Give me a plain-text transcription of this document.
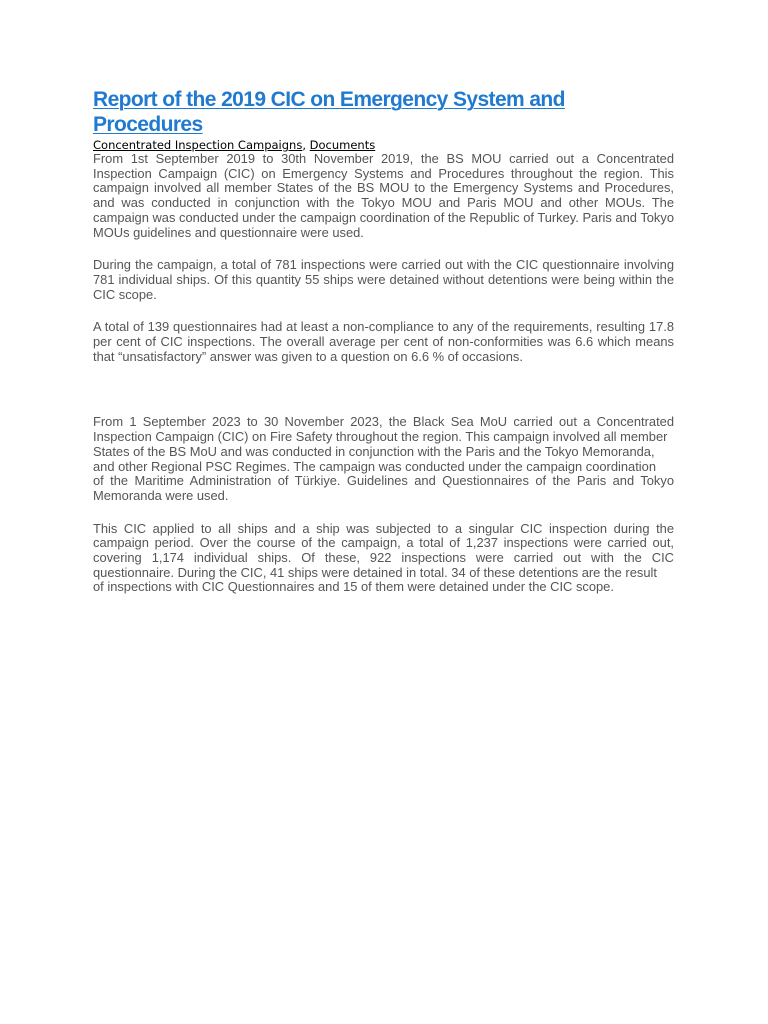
Report of the 2019 CIC on Emergency System and Procedures
Concentrated Inspection Campaigns, Documents

From 1st September 2019 to 30th November 2019, the BS MOU carried out a Concentrated Inspection Campaign (CIC) on Emergency Systems and Procedures throughout the region. This campaign involved all member States of the BS MOU to the Emergency Systems and Procedures, and was conducted in conjunction with the Tokyo MOU and Paris MOU and other MOUs. The campaign was conducted under the campaign coordination of the Republic of Turkey. Paris and Tokyo MOUs guidelines and questionnaire were used.

During the campaign, a total of 781 inspections were carried out with the CIC questionnaire involving 781 individual ships. Of this quantity 55 ships were detained without detentions were being within the CIC scope.

A total of 139 questionnaires had at least a non-compliance to any of the requirements, resulting 17.8 per cent of CIC inspections. The overall average per cent of non-conformities was 6.6 which means that “unsatisfactory” answer was given to a question on 6.6 % of occasions.

From 1 September 2023 to 30 November 2023, the Black Sea MoU carried out a Concentrated Inspection Campaign (CIC) on Fire Safety throughout the region. This campaign involved all member
States of the BS MoU and was conducted in conjunction with the Paris and the Tokyo Memoranda,
and other Regional PSC Regimes. The campaign was conducted under the campaign coordination
of the Maritime Administration of Türkiye. Guidelines and Questionnaires of the Paris and Tokyo Memoranda were used.

This CIC applied to all ships and a ship was subjected to a singular CIC inspection during the campaign period. Over the course of the campaign, a total of 1,237 inspections were carried out, covering 1,174 individual ships. Of these, 922 inspections were carried out with the CIC questionnaire. During the CIC, 41 ships were detained in total. 34 of these detentions are the result
of inspections with CIC Questionnaires and 15 of them were detained under the CIC scope.
